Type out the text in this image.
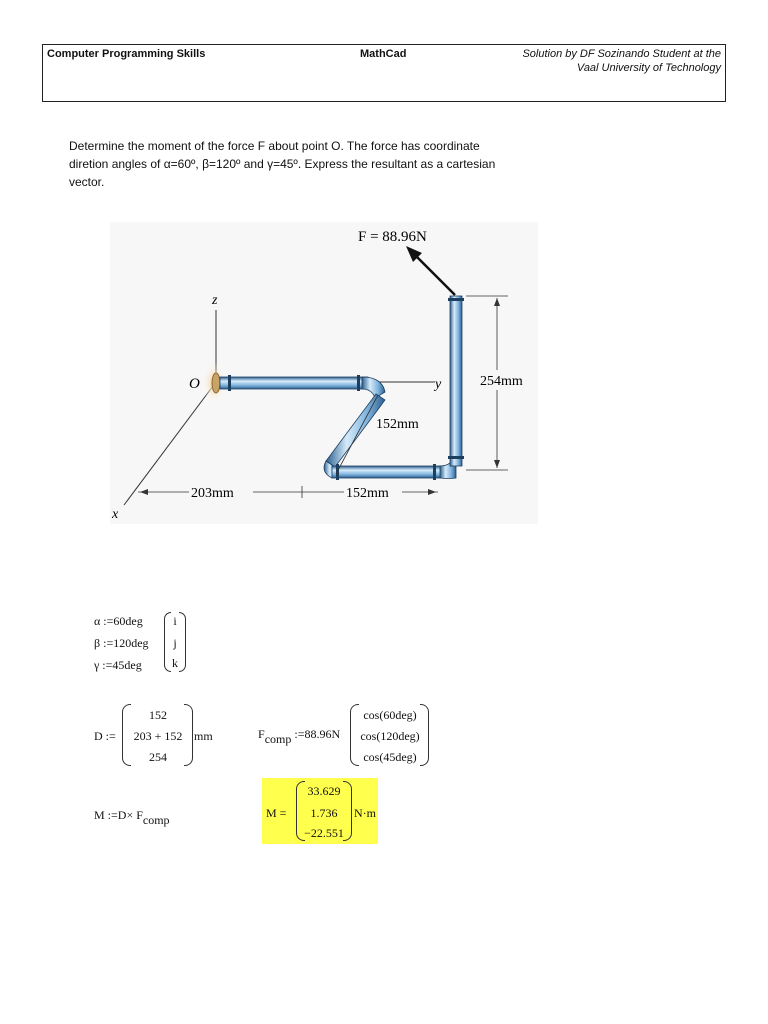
Computer Programming Skills	MathCad	Solution by DF Sozinando Student at the
Vaal University of Technology

Determine the moment of the force F about point O. The force has coordinate

diretion angles of α=60º, β=120º and γ=45º. Express the resultant as a cartesian

vector.

F = 88.96N
z
O	y
x
254mm
152mm
203mm	152mm
α :=60deg
β :=120deg
γ :=45deg
i
j
k
D :=
152
203 + 152
254
mm	Fcomp :=88.96N
cos(60deg)
cos(120deg)
cos(45deg)
M :=D× Fcomp	M =
33.629
1.736
−22.551
N·m
